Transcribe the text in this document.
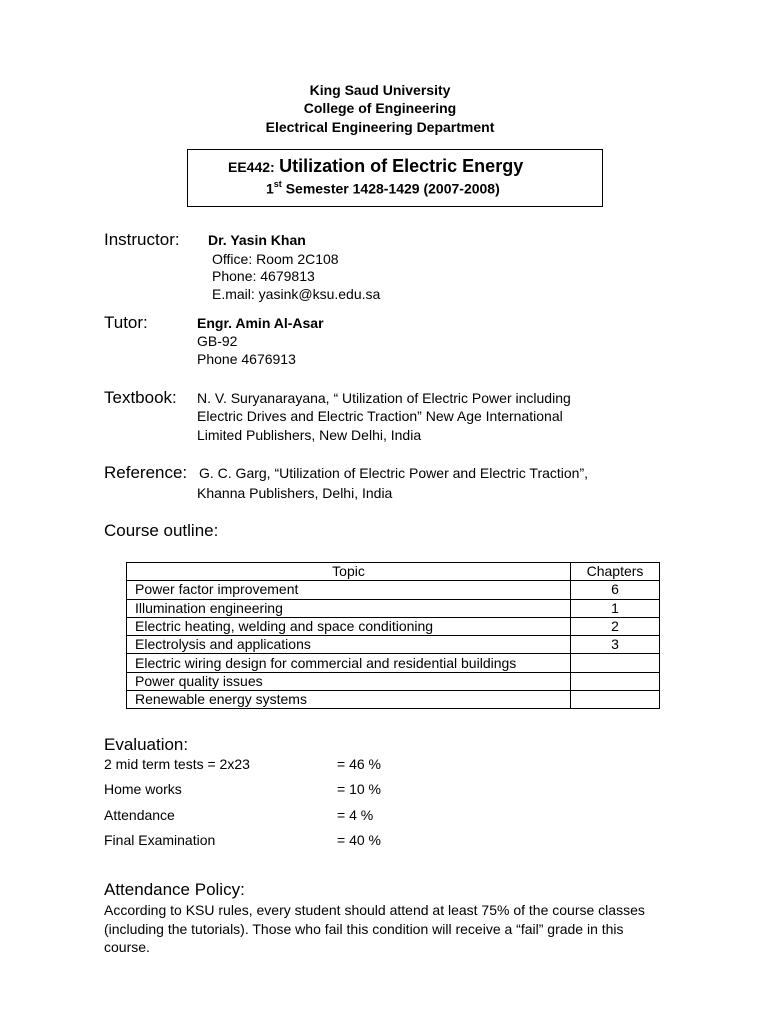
King Saud University
College of Engineering
Electrical Engineering Department
EE442: Utilization of Electric Energy
1st Semester 1428-1429 (2007-2008)
Instructor: Dr. Yasin Khan
Office: Room 2C108
Phone: 4679813
E.mail: yasink@ksu.edu.sa
Tutor:	Engr. Amin Al-Asar
GB-92
Phone 4676913
Textbook: N. V. Suryanarayana, “ Utilization of Electric Power including
Electric Drives and Electric Traction” New Age International
Limited Publishers, New Delhi, India
Reference: G. C. Garg, “Utilization of Electric Power and Electric Traction”,
Khanna Publishers, Delhi, India
Course outline:
Topic	Chapters
Power factor improvement	6
Illumination engineering	1
Electric heating, welding and space conditioning	2
Electrolysis and applications	3
Electric wiring design for commercial and residential buildings	
Power quality issues	
Renewable energy systems	
Evaluation:
2 mid term tests = 2x23	= 46 %
Home works	= 10 %
Attendance	= 4 %
Final Examination	= 40 %
Attendance Policy:
According to KSU rules, every student should attend at least 75% of the course classes (including the tutorials). Those who fail this condition will receive a “fail” grade in this course.
